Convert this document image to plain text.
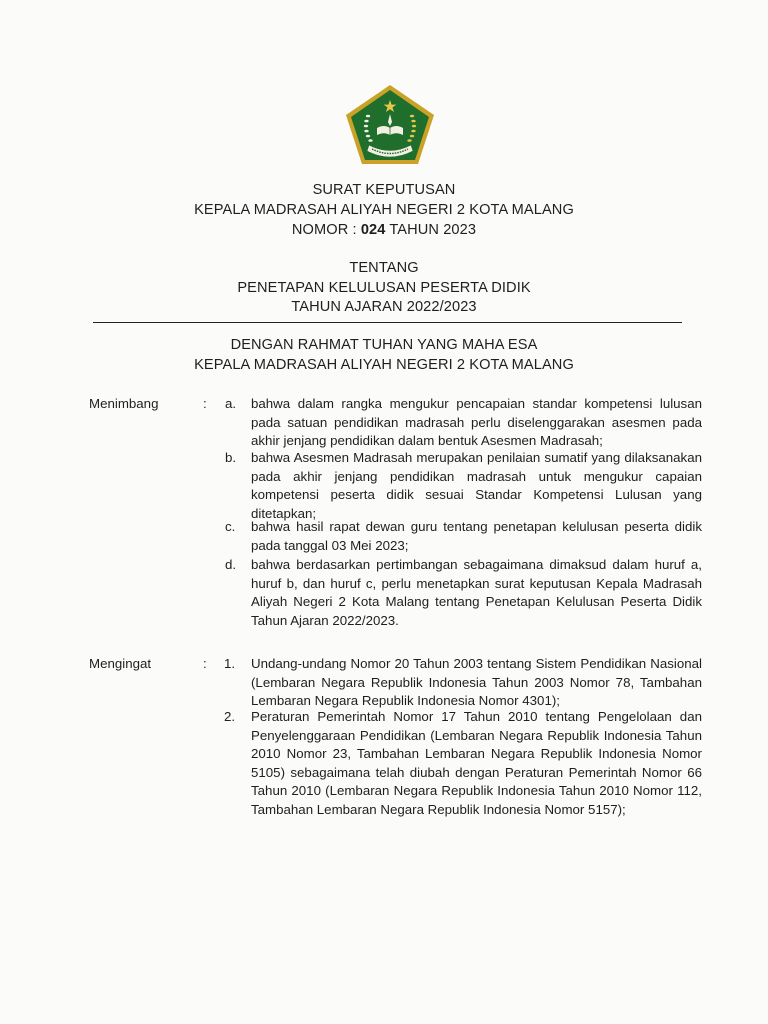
SURAT KEPUTUSAN
KEPALA MADRASAH ALIYAH NEGERI 2 KOTA MALANG
NOMOR : 024 TAHUN 2023
TENTANG
PENETAPAN KELULUSAN PESERTA DIDIK
TAHUN AJARAN 2022/2023
DENGAN RAHMAT TUHAN YANG MAHA ESA
KEPALA MADRASAH ALIYAH NEGERI 2 KOTA MALANG
Menimbang	: a.	bahwa dalam rangka mengukur pencapaian standar kompetensi lulusan pada satuan pendidikan madrasah perlu diselenggarakan asesmen pada akhir jenjang pendidikan dalam bentuk Asesmen Madrasah;
b.	bahwa Asesmen Madrasah merupakan penilaian sumatif yang dilaksanakan pada akhir jenjang pendidikan madrasah untuk mengukur capaian kompetensi peserta didik sesuai Standar Kompetensi Lulusan yang ditetapkan;
c.	bahwa hasil rapat dewan guru tentang penetapan kelulusan peserta didik pada tanggal 03 Mei 2023;
d.	bahwa berdasarkan pertimbangan sebagaimana dimaksud dalam huruf a, huruf b, dan huruf c, perlu menetapkan surat keputusan Kepala Madrasah Aliyah Negeri 2 Kota Malang tentang Penetapan Kelulusan Peserta Didik Tahun Ajaran 2022/2023.
Mengingat	: 1.	Undang-undang Nomor 20 Tahun 2003 tentang Sistem Pendidikan Nasional (Lembaran Negara Republik Indonesia Tahun 2003 Nomor 78, Tambahan Lembaran Negara Republik Indonesia Nomor 4301);
2.	Peraturan Pemerintah Nomor 17 Tahun 2010 tentang Pengelolaan dan Penyelenggaraan Pendidikan (Lembaran Negara Republik Indonesia Tahun 2010 Nomor 23, Tambahan Lembaran Negara Republik Indonesia Nomor 5105) sebagaimana telah diubah dengan Peraturan Pemerintah Nomor 66 Tahun 2010 (Lembaran Negara Republik Indonesia Tahun 2010 Nomor 112, Tambahan Lembaran Negara Republik Indonesia Nomor 5157);
